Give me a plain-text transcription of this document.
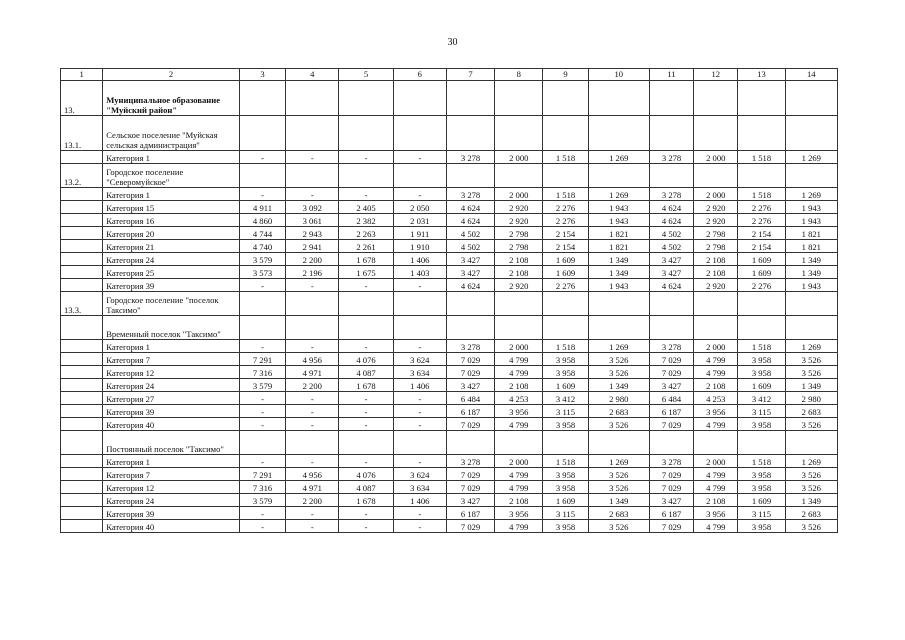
30
1	2	3	4	5	6	7	8	9	10	11	12	13	14
13.	Муниципальное образование "Муйский район"												
13.1.	Сельское поселение "Муйская сельская администрация"												
	Категория 1	-	-	-	-	3 278	2 000	1 518	1 269	3 278	2 000	1 518	1 269
13.2.	Городское поселение "Северомуйское"												
	Категория 1	-	-	-	-	3 278	2 000	1 518	1 269	3 278	2 000	1 518	1 269
	Категория 15	4 911	3 092	2 405	2 050	4 624	2 920	2 276	1 943	4 624	2 920	2 276	1 943
	Категория 16	4 860	3 061	2 382	2 031	4 624	2 920	2 276	1 943	4 624	2 920	2 276	1 943
	Категория 20	4 744	2 943	2 263	1 911	4 502	2 798	2 154	1 821	4 502	2 798	2 154	1 821
	Категория 21	4 740	2 941	2 261	1 910	4 502	2 798	2 154	1 821	4 502	2 798	2 154	1 821
	Категория 24	3 579	2 200	1 678	1 406	3 427	2 108	1 609	1 349	3 427	2 108	1 609	1 349
	Категория 25	3 573	2 196	1 675	1 403	3 427	2 108	1 609	1 349	3 427	2 108	1 609	1 349
	Категория 39	-	-	-	-	4 624	2 920	2 276	1 943	4 624	2 920	2 276	1 943
13.3.	Городское поселение "поселок Таксимо"												
	Временный поселок "Таксимо"												
	Категория 1	-	-	-	-	3 278	2 000	1 518	1 269	3 278	2 000	1 518	1 269
	Категория 7	7 291	4 956	4 076	3 624	7 029	4 799	3 958	3 526	7 029	4 799	3 958	3 526
	Категория 12	7 316	4 971	4 087	3 634	7 029	4 799	3 958	3 526	7 029	4 799	3 958	3 526
	Категория 24	3 579	2 200	1 678	1 406	3 427	2 108	1 609	1 349	3 427	2 108	1 609	1 349
	Категория 27	-	-	-	-	6 484	4 253	3 412	2 980	6 484	4 253	3 412	2 980
	Категория 39	-	-	-	-	6 187	3 956	3 115	2 683	6 187	3 956	3 115	2 683
	Категория 40	-	-	-	-	7 029	4 799	3 958	3 526	7 029	4 799	3 958	3 526
	Постоянный поселок "Таксимо"												
	Категория 1	-	-	-	-	3 278	2 000	1 518	1 269	3 278	2 000	1 518	1 269
	Категория 7	7 291	4 956	4 076	3 624	7 029	4 799	3 958	3 526	7 029	4 799	3 958	3 526
	Категория 12	7 316	4 971	4 087	3 634	7 029	4 799	3 958	3 526	7 029	4 799	3 958	3 526
	Категория 24	3 579	2 200	1 678	1 406	3 427	2 108	1 609	1 349	3 427	2 108	1 609	1 349
	Категория 39	-	-	-	-	6 187	3 956	3 115	2 683	6 187	3 956	3 115	2 683
	Категория 40	-	-	-	-	7 029	4 799	3 958	3 526	7 029	4 799	3 958	3 526
